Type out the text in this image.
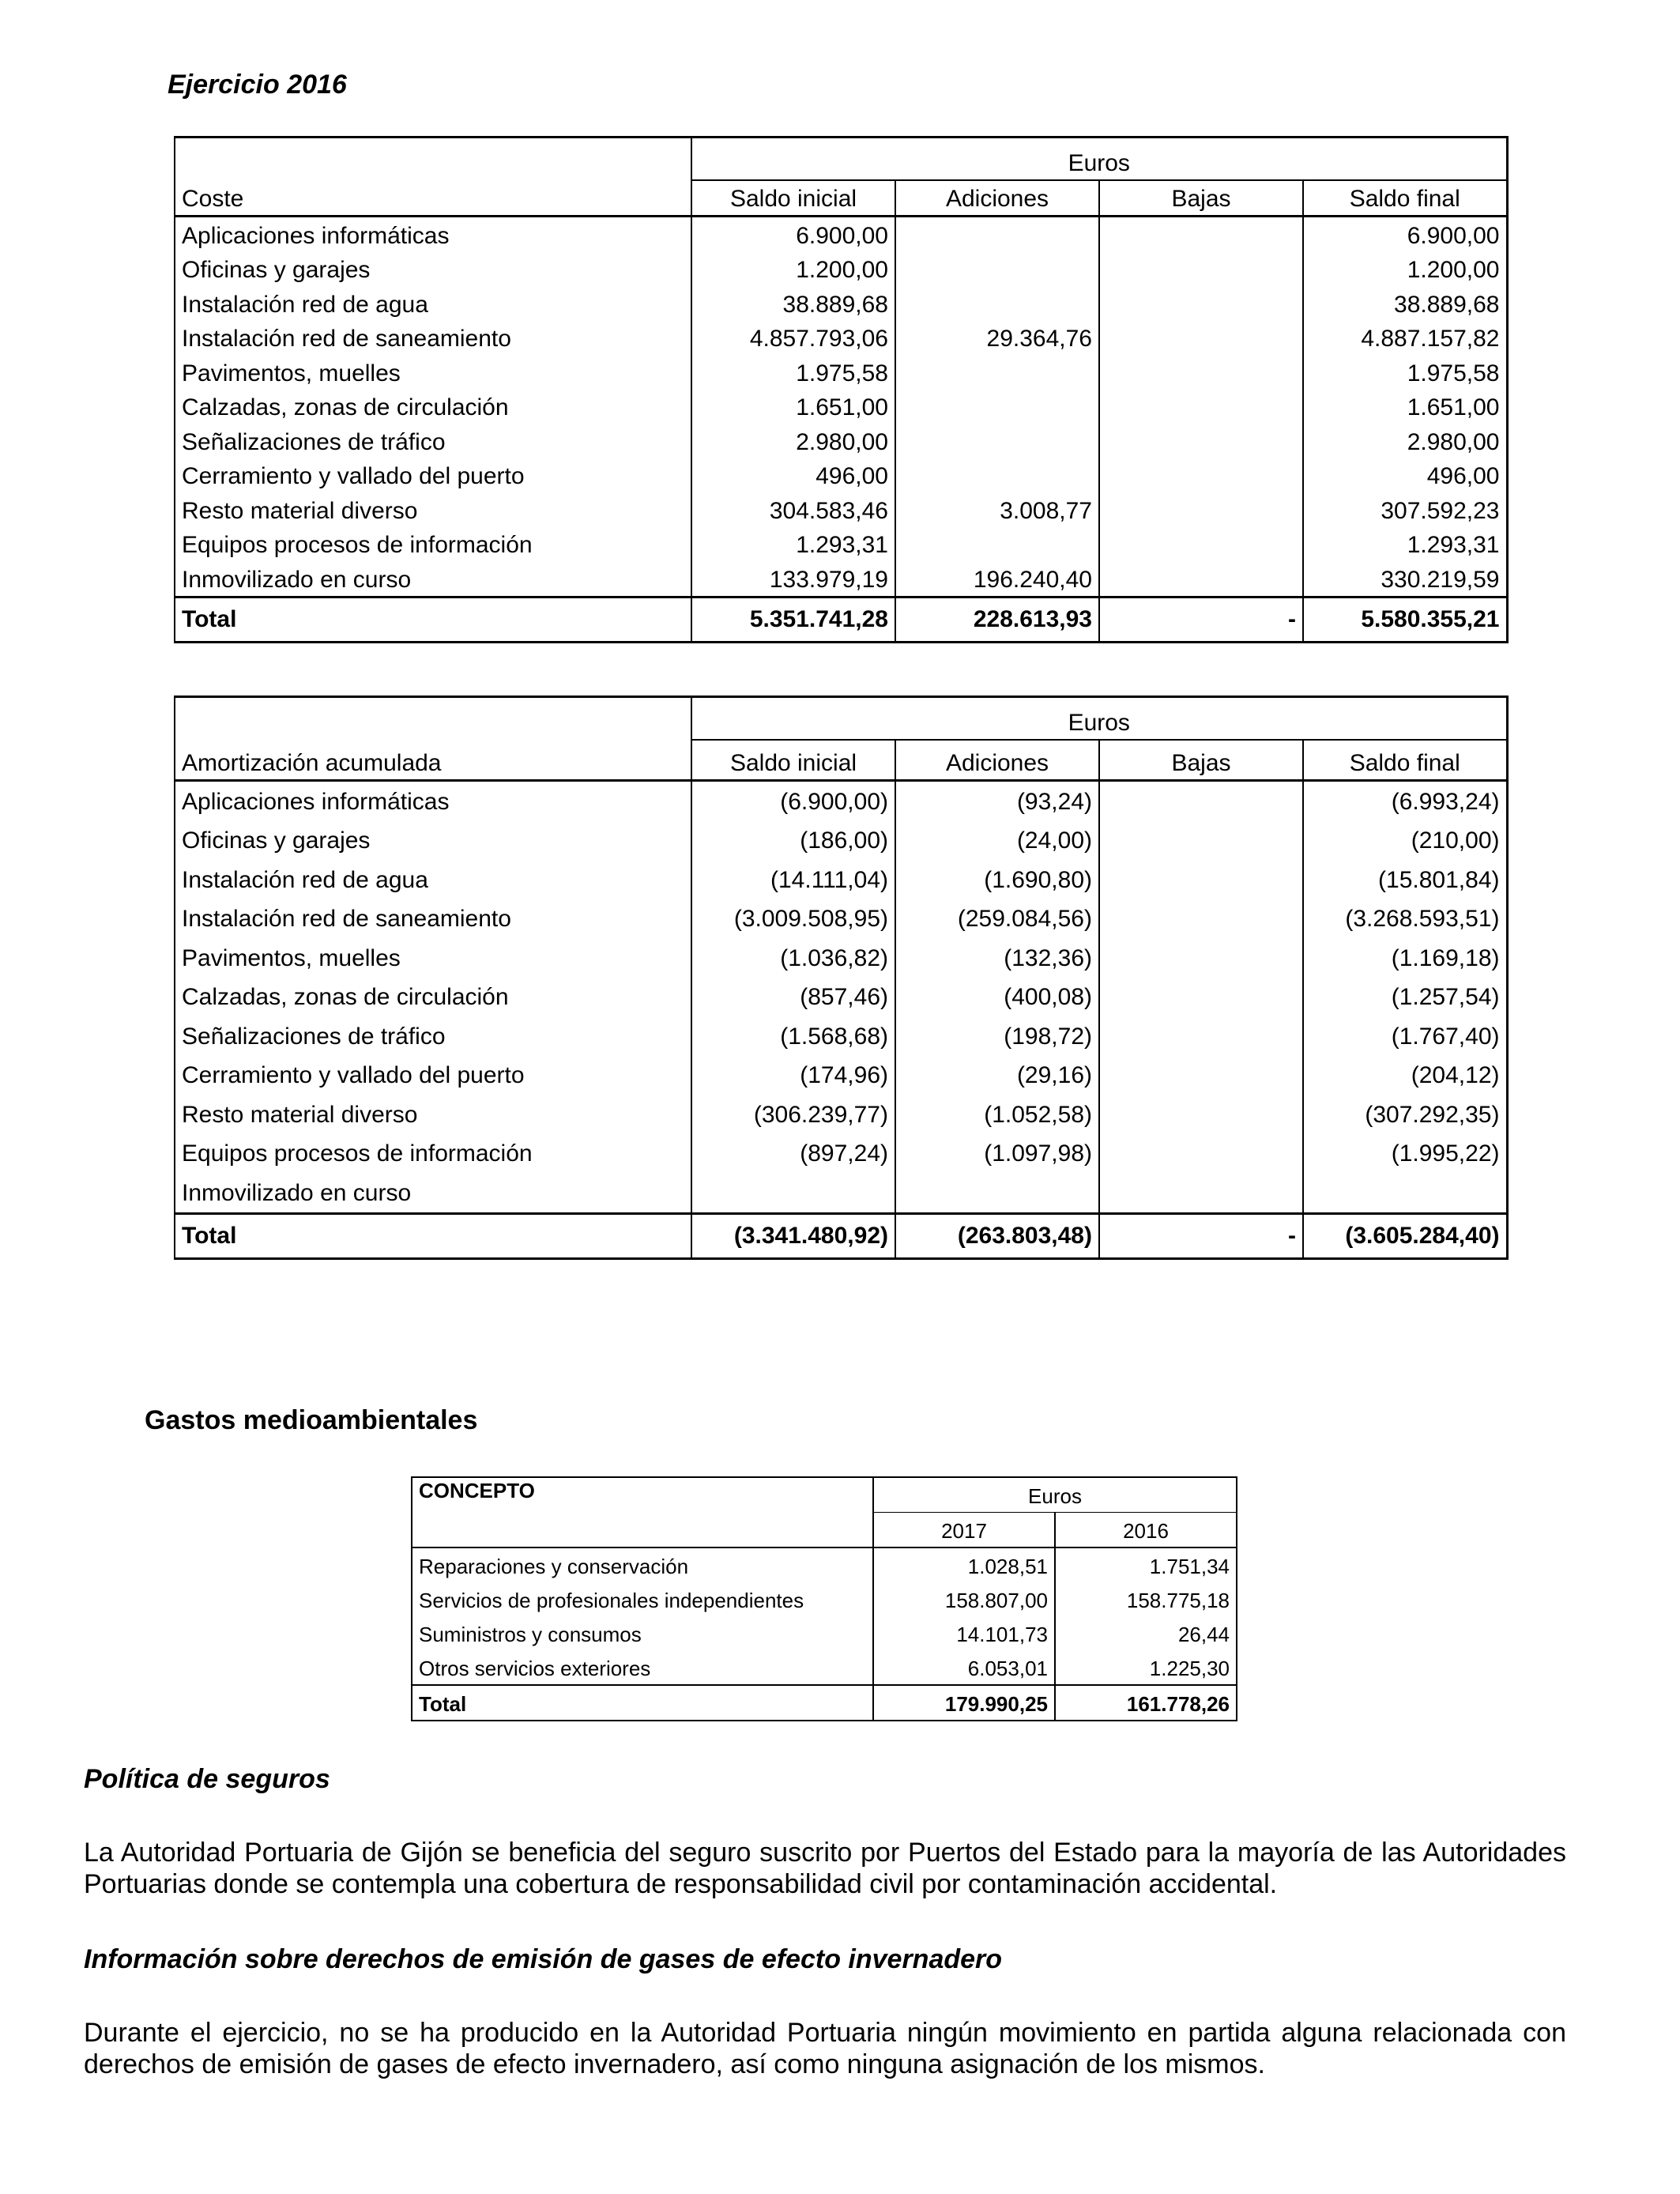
Ejercicio 2016

	Euros			
Coste	Saldo inicial	Adiciones	Bajas	Saldo final
Aplicaciones informáticas	6.900,00			6.900,00
Oficinas y garajes	1.200,00			1.200,00
Instalación red de agua	38.889,68			38.889,68
Instalación red de saneamiento	4.857.793,06	29.364,76		4.887.157,82
Pavimentos, muelles	1.975,58			1.975,58
Calzadas, zonas de circulación	1.651,00			1.651,00
Señalizaciones de tráfico	2.980,00			2.980,00
Cerramiento y vallado del puerto	496,00			496,00
Resto material diverso	304.583,46	3.008,77		307.592,23
Equipos procesos de información	1.293,31			1.293,31
Inmovilizado en curso	133.979,19	196.240,40		330.219,59
Total	5.351.741,28	228.613,93	-	5.580.355,21
	Euros			
Amortización acumulada	Saldo inicial	Adiciones	Bajas	Saldo final
Aplicaciones informáticas	(6.900,00)	(93,24)		(6.993,24)
Oficinas y garajes	(186,00)	(24,00)		(210,00)
Instalación red de agua	(14.111,04)	(1.690,80)		(15.801,84)
Instalación red de saneamiento	(3.009.508,95)	(259.084,56)		(3.268.593,51)
Pavimentos, muelles	(1.036,82)	(132,36)		(1.169,18)
Calzadas, zonas de circulación	(857,46)	(400,08)		(1.257,54)
Señalizaciones de tráfico	(1.568,68)	(198,72)		(1.767,40)
Cerramiento y vallado del puerto	(174,96)	(29,16)		(204,12)
Resto material diverso	(306.239,77)	(1.052,58)		(307.292,35)
Equipos procesos de información	(897,24)	(1.097,98)		(1.995,22)
Inmovilizado en curso				
Total	(3.341.480,92)	(263.803,48)	-	(3.605.284,40)

Gastos medioambientales

CONCEPTO	Euros	
	2017	2016
Reparaciones y conservación	1.028,51	1.751,34
Servicios de profesionales independientes	158.807,00	158.775,18
Suministros y consumos	14.101,73	26,44
Otros servicios exteriores	6.053,01	1.225,30
Total	179.990,25	161.778,26

Política de seguros

La Autoridad Portuaria de Gijón se beneficia del seguro suscrito por Puertos del Estado para la mayoría de las Autoridades Portuarias donde se contempla una cobertura de responsabilidad civil por contaminación accidental.

Información sobre derechos de emisión de gases de efecto invernadero

Durante el ejercicio, no se ha producido en la Autoridad Portuaria ningún movimiento en partida alguna relacionada con derechos de emisión de gases de efecto invernadero, así como ninguna asignación de los mismos.
